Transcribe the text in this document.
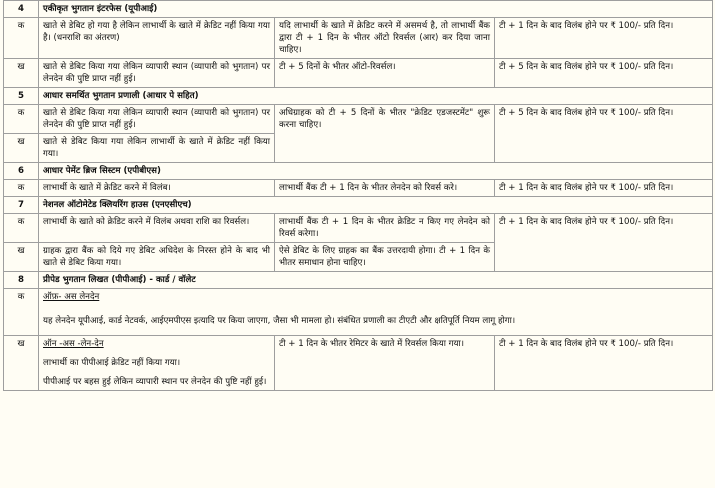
4	एकीकृत भुगतान इंटरफेस (यूपीआई)		
क	खाते से डेबिट हो गया है लेकिन लाभार्थी के खाते में क्रेडिट नहीं किया गया है। (धनराशि का अंतरण)	यदि लाभार्थी के खाते में क्रेडिट करने में असमर्थ है, तो लाभार्थी बैंक द्वारा टी + 1 दिन के भीतर ऑटो रिवर्सल (आर) कर दिया जाना चाहिए।	टी + 1 दिन के बाद विलंब होने पर ₹ 100/- प्रति दिन।
ख	खाते से डेबिट किया गया लेकिन व्यापारी स्थान (व्यापारी को भुगतान) पर लेनदेन की पुष्टि प्राप्त नहीं हुई।	टी + 5 दिनों के भीतर ऑटो-रिवर्सल।	टी + 5 दिन के बाद विलंब होने पर ₹ 100/- प्रति दिन।
5	आधार समर्थित भुगतान प्रणाली (आधार पे सहित)		
क	खाते से डेबिट किया गया लेकिन व्यापारी स्थान (व्यापारी को भुगतान) पर लेनदेन की पुष्टि प्राप्त नहीं हुई।	अधिग्राहक को टी + 5 दिनों के भीतर "क्रेडिट एडजस्टमेंट" शुरू करना चाहिए।	टी + 5 दिन के बाद विलंब होने पर ₹ 100/- प्रति दिन।
ख	खाते से डेबिट किया गया लेकिन लाभार्थी के खाते में क्रेडिट नहीं किया गया।		
6	आधार पेमेंट ब्रिज सिस्टम (एपीबीएस)		
क	लाभार्थी के खाते में क्रेडिट करने में विलंब।	लाभार्थी बैंक टी + 1 दिन के भीतर लेनदेन को रिवर्स करे।	टी + 1 दिन के बाद विलंब होने पर ₹ 100/- प्रति दिन।
7	नेशनल ऑटोमेटेड क्लियरिंग हाउस (एनएसीएच)		
क	लाभार्थी के खाते को क्रेडिट करने में विलंब अथवा राशि का रिवर्सल।	लाभार्थी बैंक टी + 1 दिन के भीतर क्रेडिट न किए गए लेनदेन को रिवर्स करेगा।	टी + 1 दिन के बाद विलंब होने पर ₹ 100/- प्रति दिन।
ख	ग्राहक द्वारा बैंक को दिये गए डेबिट अधिदेश के निरस्त होने के बाद भी खाते से डेबिट किया गया।	ऐसे डेबिट के लिए ग्राहक का बैंक उत्तरदायी होगा। टी + 1 दिन के भीतर समाधान होना चाहिए।	
8	प्रीपेड भुगतान लिखत (पीपीआई) - कार्ड / वॉलेट		
क	ऑफ़- अस लेनदेन		
	यह लेनदेन यूपीआई, कार्ड नेटवर्क, आईएमपीएस इत्यादि पर किया जाएगा, जैसा भी मामला हो। संबंधित प्रणाली का टीएटी और क्षतिपूर्ति नियम लागू होगा।		
ख	ऑन -अस -लेन-देन

लाभार्थी का पीपीआई क्रेडिट नहीं किया गया।

पीपीआई पर बहस हुई लेकिन व्यापारी स्थान पर लेनदेन की पुष्टि नहीं हुई।	टी + 1 दिन के भीतर रेमिटर के खाते में रिवर्सल किया गया।	टी + 1 दिन के बाद विलंब होने पर ₹ 100/- प्रति दिन।
